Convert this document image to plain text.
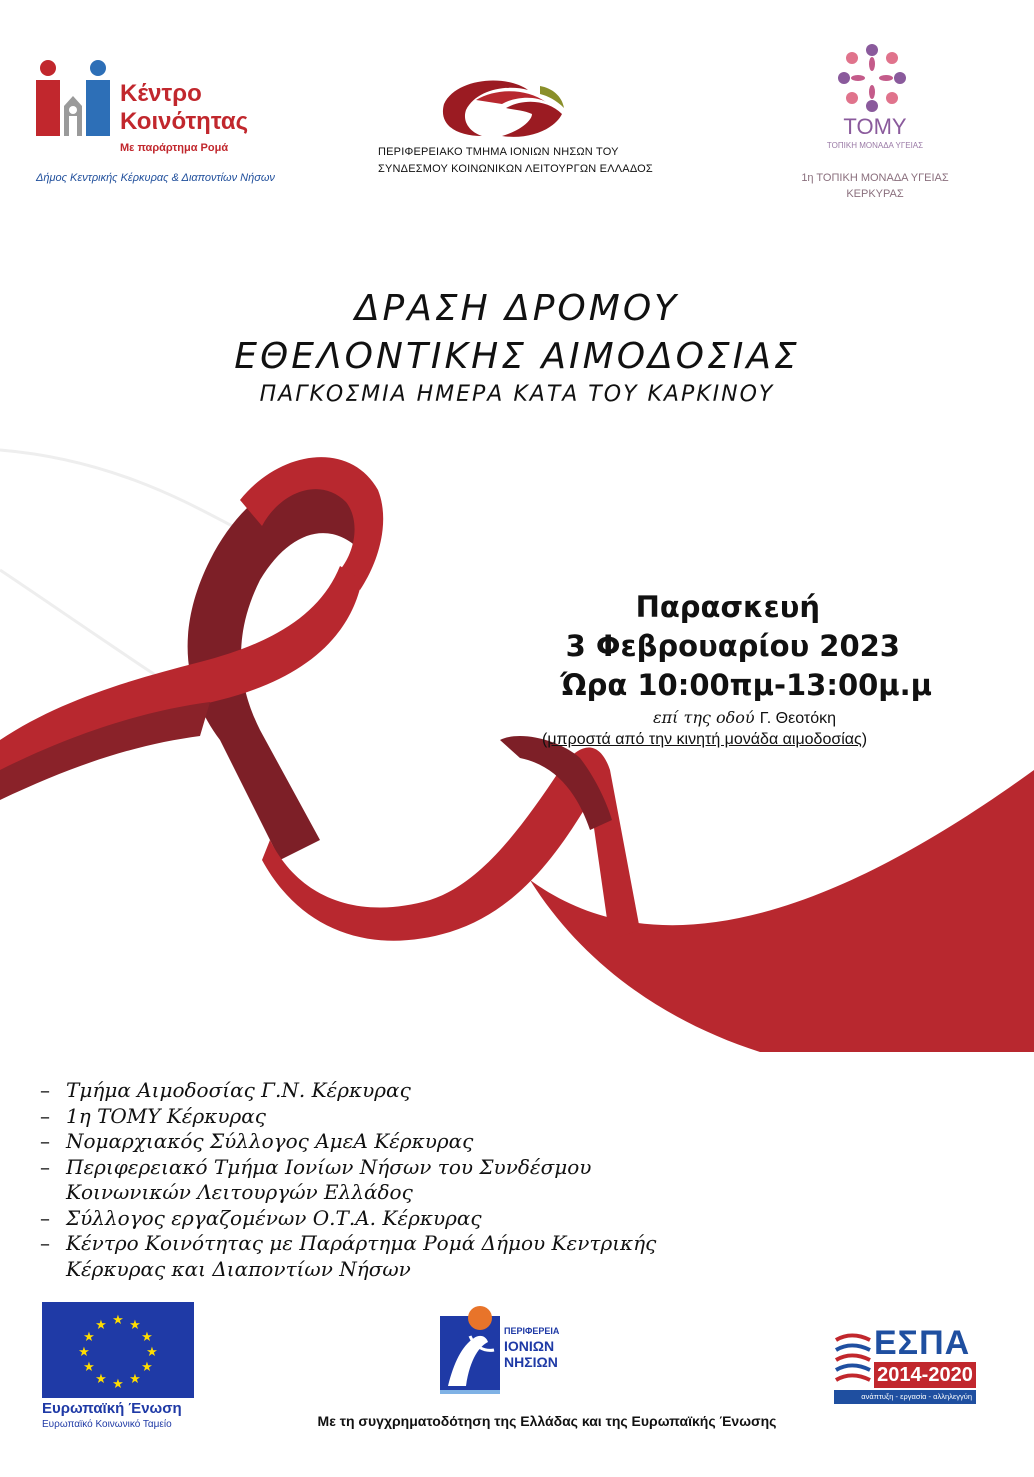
Κέντρο
Κοινότητας
Με παράρτημα Ρομά
Δήμος Κεντρικής Κέρκυρας & Διαποντίων Νήσων
ΣΚΛΕ
ΠΕΡΙΦΕΡΕΙΑΚΟ ΤΜΗΜΑ ΙΟΝΙΩΝ ΝΗΣΩΝ ΤΟΥ
ΣΥΝΔΕΣΜΟΥ ΚΟΙΝΩΝΙΚΩΝ ΛΕΙΤΟΥΡΓΩΝ ΕΛΛΑΔΟΣ
ΤΟΜΥ
ΤΟΠΙΚΗ ΜΟΝΑΔΑ ΥΓΕΙΑΣ
1η ΤΟΠΙΚΗ ΜΟΝΑΔΑ ΥΓΕΙΑΣ
ΚΕΡΚΥΡΑΣ
ΔΡΑΣΗ ΔΡΟΜΟΥ
ΕΘΕΛΟΝΤΙΚΗΣ ΑΙΜΟΔΟΣΙΑΣ
ΠΑΓΚΟΣΜΙΑ ΗΜΕΡΑ ΚΑΤΑ ΤΟΥ ΚΑΡΚΙΝΟΥ
Παρασκευή
3 Φεβρουαρίου 2023
Ώρα 10:00πμ-13:00μ.μ
επί της οδού Γ. Θεοτόκη
(μπροστά από την κινητή μονάδα αιμοδοσίας)
– Τμήμα Αιμοδοσίας Γ.Ν. Κέρκυρας
– 1η ΤΟΜΥ Κέρκυρας
– Νομαρχιακός Σύλλογος ΑμεΑ Κέρκυρας
– Περιφερειακό Τμήμα Ιονίων Νήσων του Συνδέσμου Κοινωνικών Λειτουργών Ελλάδος
– Σύλλογος εργαζομένων Ο.Τ.Α. Κέρκυρας
– Κέντρο Κοινότητας με Παράρτημα Ρομά Δήμου Κεντρικής Κέρκυρας και Διαποντίων Νήσων
★ ★
★
★
★
★
★
★
★
★
★
★
Ευρωπαϊκή Ένωση
Ευρωπαϊκό Κοινωνικό Ταμείο
ΠΕΡΙΦΕΡΕΙΑ
ΙΟΝΙΩΝ
ΝΗΣΙΩΝ	ΕΣΠΑ
2014-2020
ανάπτυξη - εργασία - αλληλεγγύη
Με τη συγχρηματοδότηση της Ελλάδας και της Ευρωπαϊκής Ένωσης
